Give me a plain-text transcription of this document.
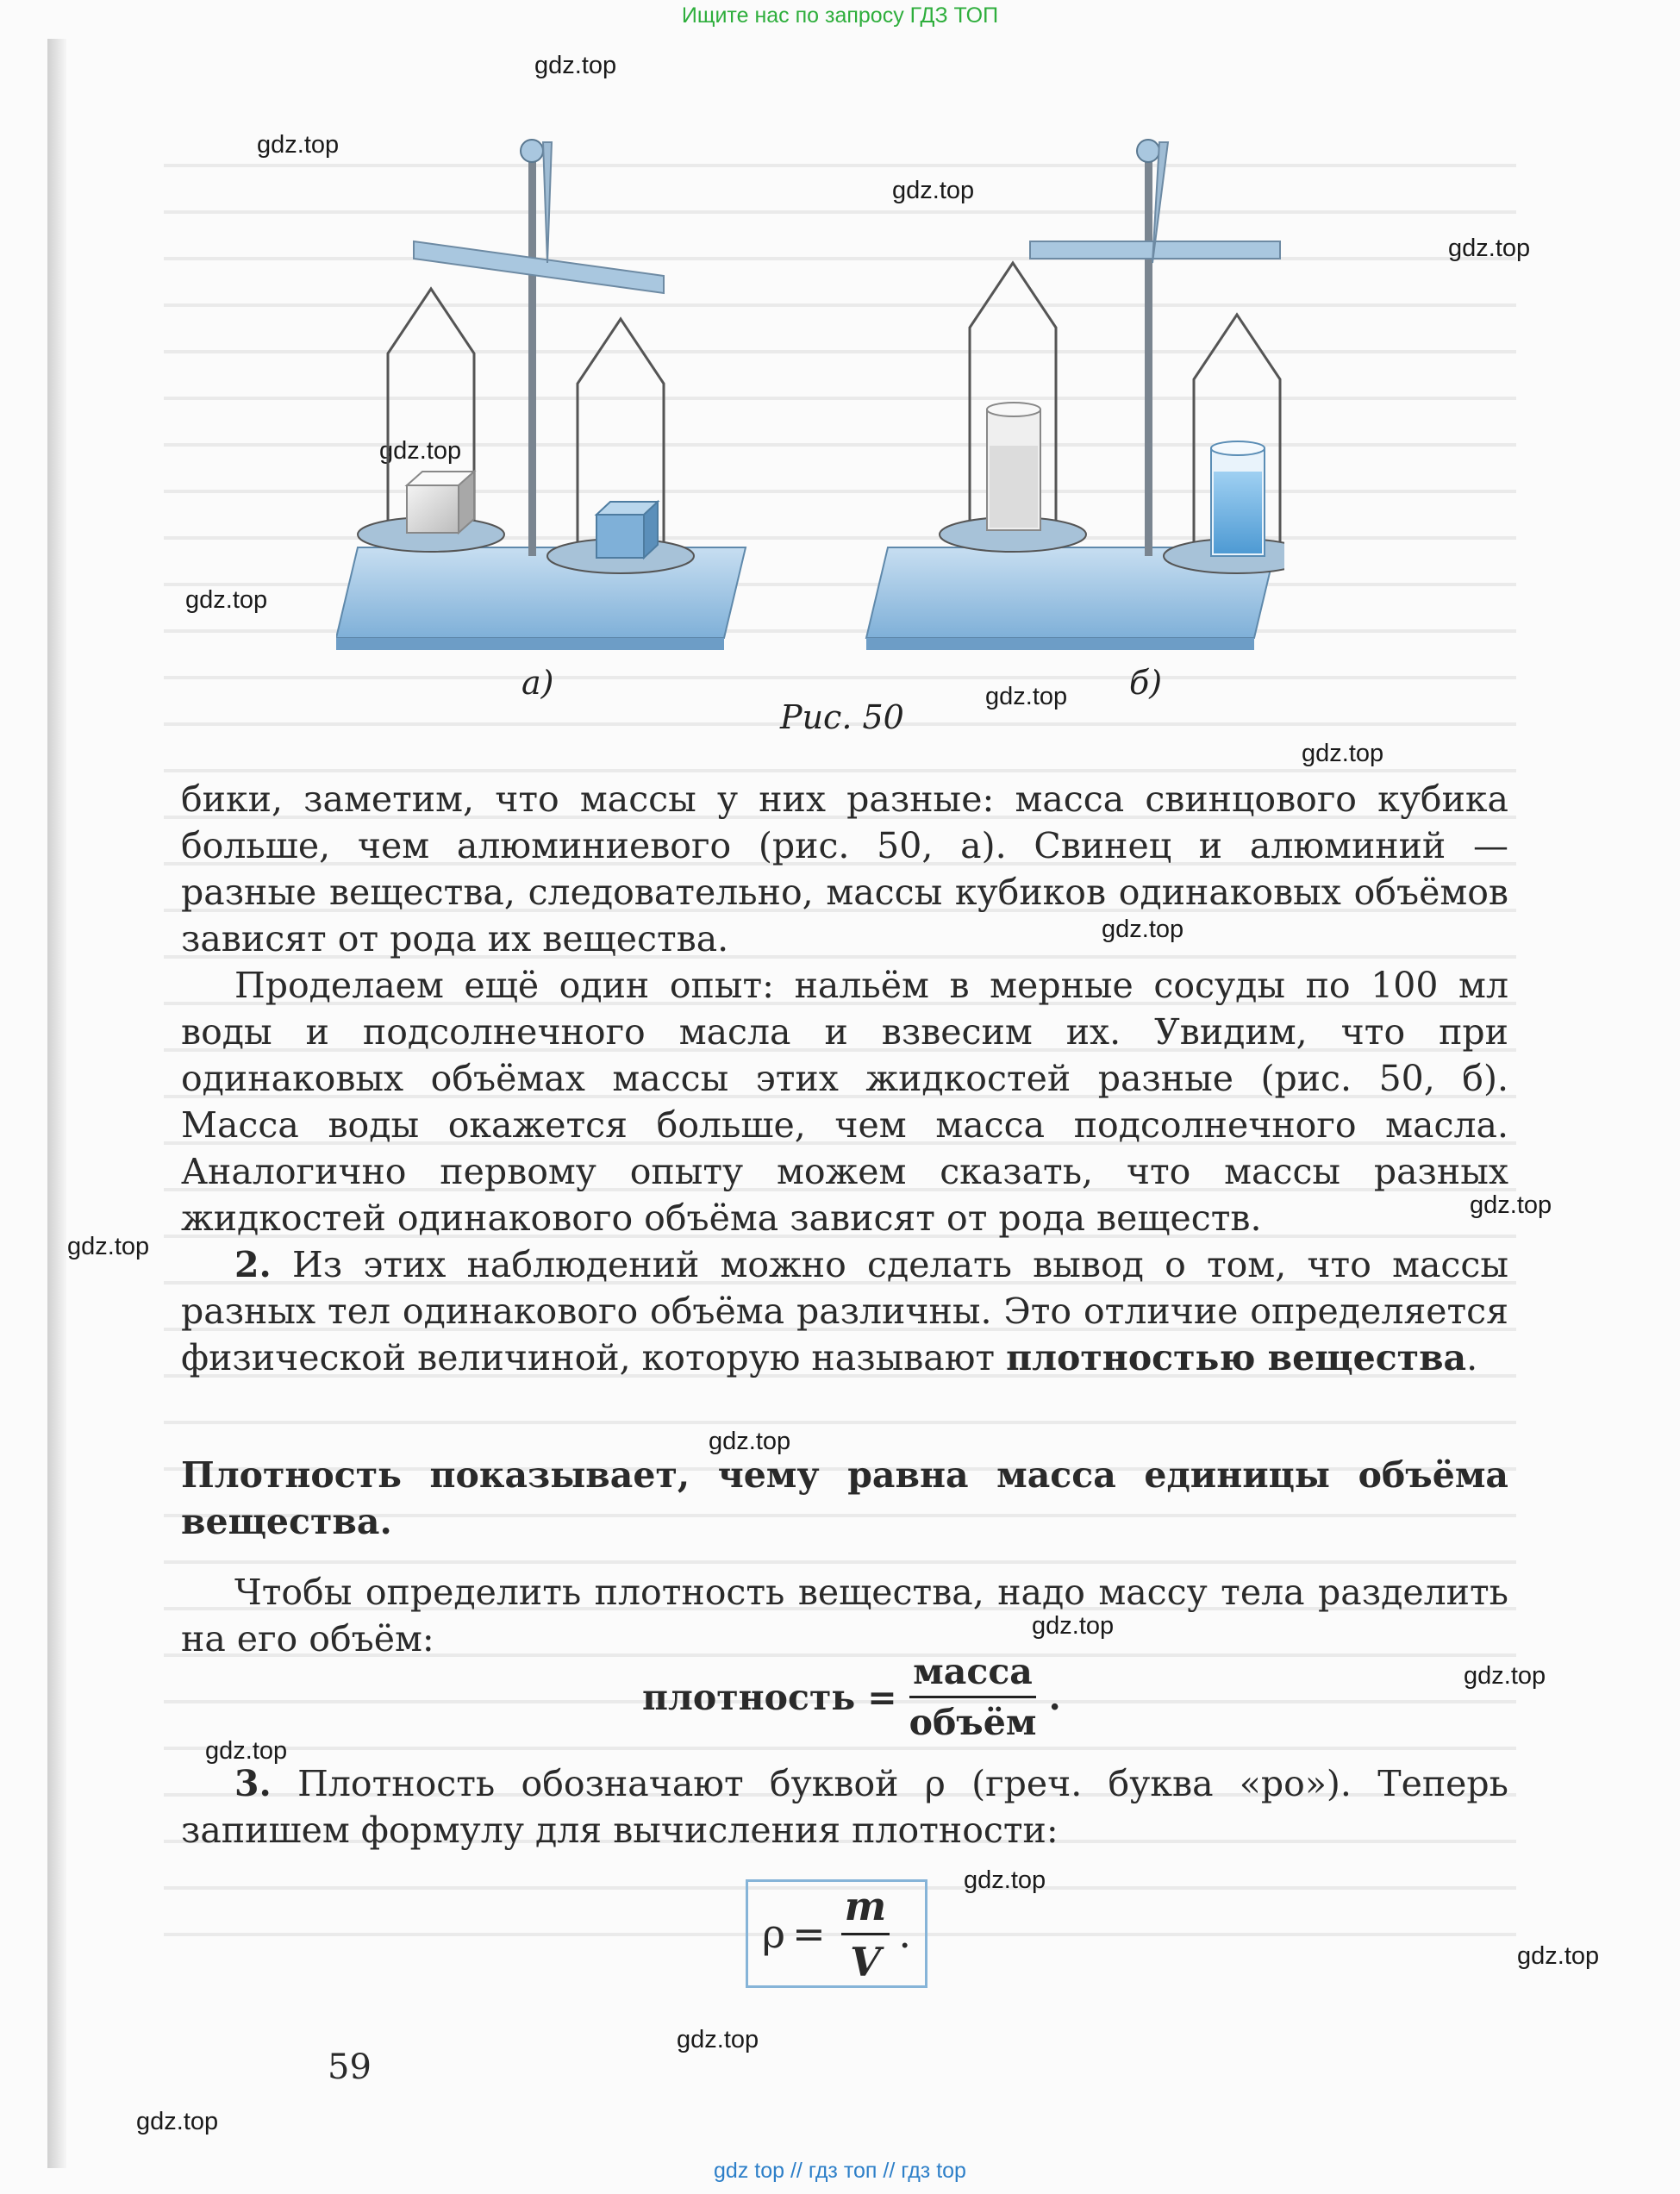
Ищите нас по запросу ГДЗ ТОП
gdz.top
gdz.top
gdz.top
gdz.top
gdz.top
gdz.top
gdz.top
gdz.top
gdz.top
gdz.top
gdz.top
gdz.top
gdz.top
gdz.top
gdz.top
gdz.top
gdz.top
gdz.top
gdz.top
а)	б)
Рис. 50

бики, заметим, что массы у них разные: масса свинцового кубика больше, чем алюминиевого (рис. 50, а). Свинец и алюминий — разные вещества, следовательно, массы кубиков одинаковых объёмов зависят от рода их вещества.

Проделаем ещё один опыт: нальём в мерные сосуды по 100 мл воды и подсолнечного масла и взвесим их. Увидим, что при одинаковых объёмах массы этих жидкостей разные (рис. 50, б). Масса воды окажется больше, чем масса подсолнечного масла. Аналогично первому опыту можем сказать, что массы разных жидкостей одинакового объёма зависят от рода веществ.

2. Из этих наблюдений можно сделать вывод о том, что массы разных тел одинакового объёма различны. Это отличие определяется физической величиной, которую называют плотностью вещества.

Плотность показывает, чему равна масса единицы объёма вещества.
Чтобы определить плотность вещества, надо массу тела разделить на его объём:
плотность = $\frac{\text{масса}}{\text{объём}}$ .
3. Плотность обозначают буквой ρ (греч. буква «ро»). Теперь запишем формулу для вычисления плотности:
$\rho = \frac{m}{V}$ .
59
gdz top // гдз топ // гдз top
